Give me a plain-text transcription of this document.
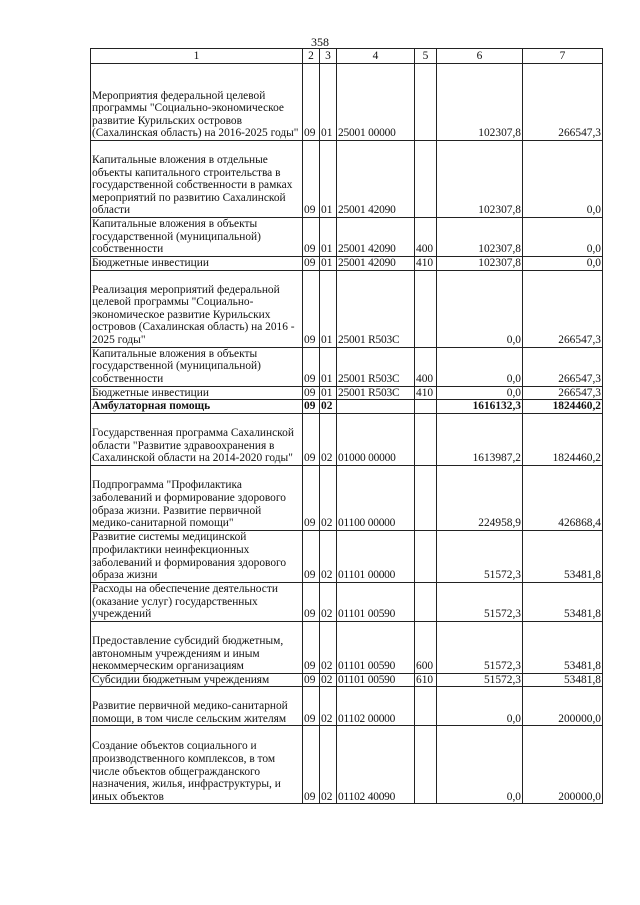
358
1	2	3	4	5	6	7
Мероприятия федеральной целевой программы "Социально-экономическое развитие Курильских островов (Сахалинская область) на 2016-2025 годы"	09	01	25001 00000		102307,8	266547,3
Капитальные вложения в отдельные объекты капитального строительства в государственной собственности в рамках мероприятий по развитию Сахалинской области	09	01	25001 42090		102307,8	0,0
Капитальные вложения в объекты государственной (муниципальной) собственности	09	01	25001 42090	400	102307,8	0,0
Бюджетные инвестиции	09	01	25001 42090	410	102307,8	0,0
Реализация мероприятий федеральной целевой программы "Социально-экономическое развитие Курильских островов (Сахалинская область) на 2016 - 2025 годы"	09	01	25001 R503C		0,0	266547,3
Капитальные вложения в объекты государственной (муниципальной) собственности	09	01	25001 R503C	400	0,0	266547,3
Бюджетные инвестиции	09	01	25001 R503C	410	0,0	266547,3
Амбулаторная помощь	09	02			1616132,3	1824460,2
Государственная программа Сахалинской области "Развитие здравоохранения в Сахалинской области на 2014-2020 годы"	09	02	01000 00000		1613987,2	1824460,2
Подпрограмма "Профилактика заболеваний и формирование здорового образа жизни. Развитие первичной медико-санитарной помощи"	09	02	01100 00000		224958,9	426868,4
Развитие системы медицинской профилактики неинфекционных заболеваний и формирования здорового образа жизни	09	02	01101 00000		51572,3	53481,8
Расходы на обеспечение деятельности (оказание услуг) государственных учреждений	09	02	01101 00590		51572,3	53481,8
Предоставление субсидий бюджетным, автономным учреждениям и иным некоммерческим организациям	09	02	01101 00590	600	51572,3	53481,8
Субсидии бюджетным учреждениям	09	02	01101 00590	610	51572,3	53481,8
Развитие первичной медико-санитарной помощи, в том числе сельским жителям	09	02	01102 00000		0,0	200000,0
Создание объектов социального и производственного комплексов, в том числе объектов общегражданского назначения, жилья, инфраструктуры, и иных объектов	09	02	01102 40090		0,0	200000,0
